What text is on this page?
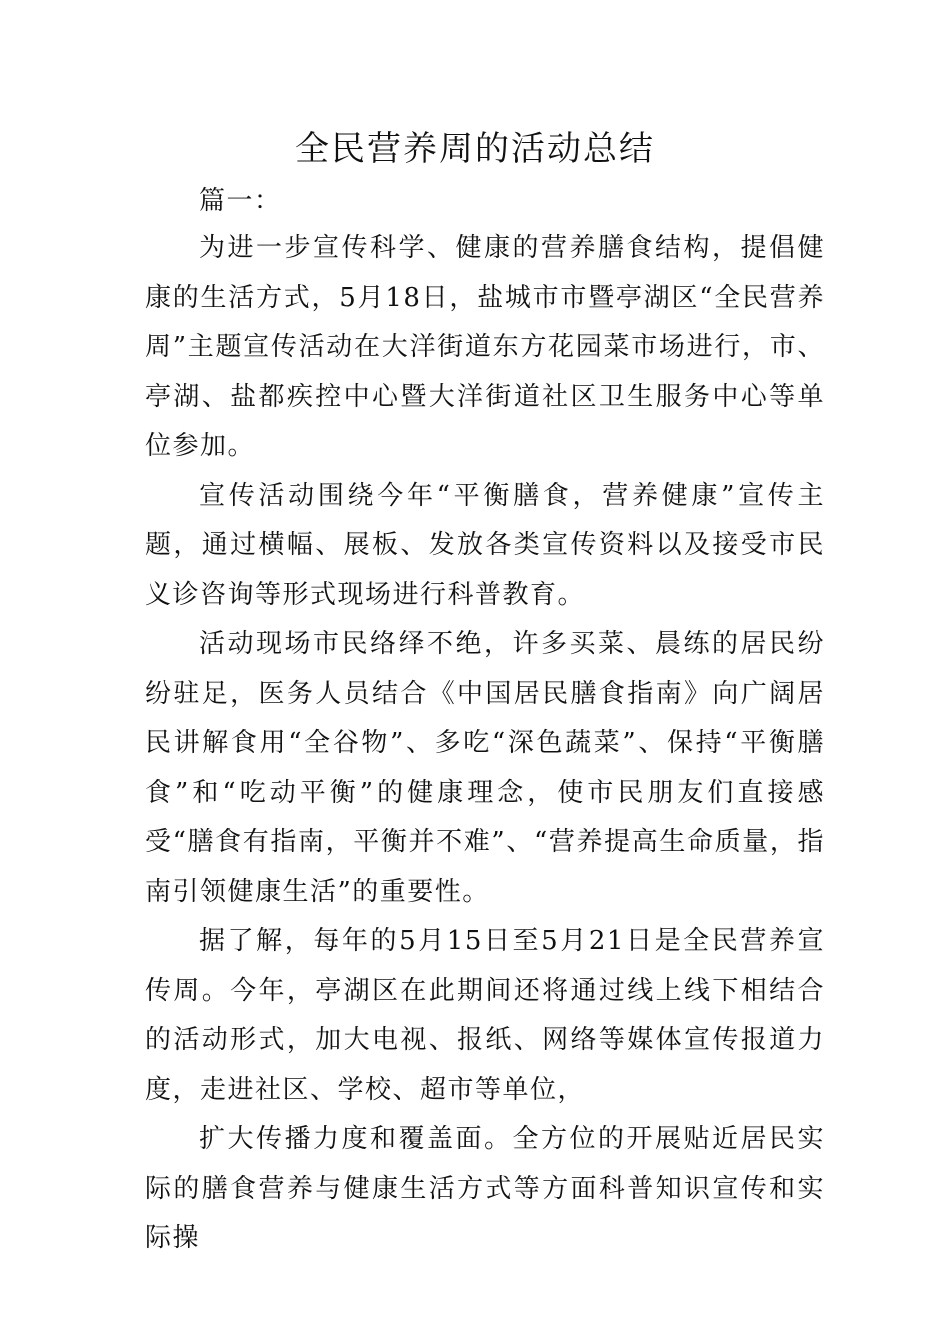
全民营养周的活动总结

篇一：

为进一步宣传科学、健康的营养膳食结构，提倡健康的生活方式，5月18日，盐城市市暨亭湖区“全民营养周”主题宣传活动在大洋街道东方花园菜市场进行，市、亭湖、盐都疾控中心暨大洋街道社区卫生服务中心等单位参加。

宣传活动围绕今年“平衡膳食，营养健康”宣传主题，通过横幅、展板、发放各类宣传资料以及接受市民义诊咨询等形式现场进行科普教育。

活动现场市民络绎不绝，许多买菜、晨练的居民纷纷驻足，医务人员结合《中国居民膳食指南》向广阔居民讲解食用“全谷物”、多吃“深色蔬菜”、保持“平衡膳食”和“吃动平衡”的健康理念，使市民朋友们直接感受“膳食有指南，平衡并不难”、“营养提高生命质量，指南引领健康生活”的重要性。

据了解，每年的5月15日至5月21日是全民营养宣传周。今年，亭湖区在此期间还将通过线上线下相结合的活动形式，加大电视、报纸、网络等媒体宣传报道力度，走进社区、学校、超市等单位，

扩大传播力度和覆盖面。全方位的开展贴近居民实际的膳食营养与健康生活方式等方面科普知识宣传和实际操
